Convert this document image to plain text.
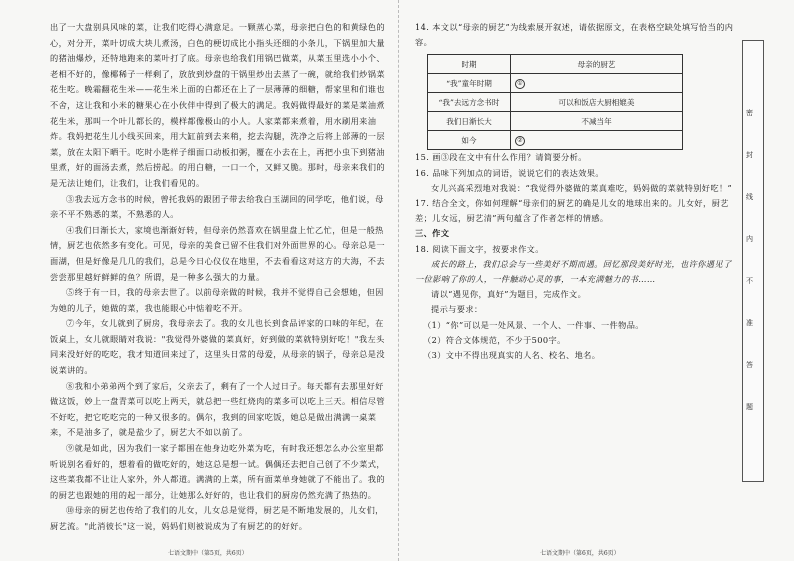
出了一大盘别具风味的菜，让我们吃得心满意足。一颗蒸心菜，母亲把白色的和黄绿色的心，对分开，菜叶切成大块儿煮汤，白色的梗切成比小指头还细的小条儿，下锅里加大量的猪油爆炒，还特地跑来的菜叶打了底。母亲也给我们用锅巴做菜，从菜玉里选小小个、老相不好的，像椰稀子一样剩了，放放到炒盘的干锅里炒出去蒸了一碗，就给我们炒锅菜花生吃。晚霜翻花生米——花生米上面的白都还在上了一层薄薄的细糖，帮家里和们谁也不舍，这让我和小米的糖果心在小伙伴中得到了极大的满足。我妈做得最好的菜是菜油煮花生米，那叫一个叶儿都长的，模样都像极山的小人。人家菜都来煮着，用水刷用来油炸。我妈把花生儿小线买回来，用大缸前到去来稍，挖去沟腿，洗净之后将上部薄的一层菜，放在太阳下晒干。吃时小匙样子细面口动板扣粥，覆在小去在上，再把小虫下到猪油里煮，好的面汤去煮，然后捞起。的用白糖，一口一个，又鲜又脆。那时，母亲来我们的是无法让她们，让我们，让我们看见的。

③我去远方念书的时候，曾托我妈的跟团子带去给我白玉湖回的同学吃，他们说，母亲不平不熟悉的菜，不熟悉的人。

④我们日渐长大，家境也渐渐好转，但母亲仍然喜欢在锅里盘上忙乙忙，但是一般热情，厨艺也依然多有变化。可见，母亲的美食已留不住我们对外面世界的心。母亲总是一面湖，但是好像是几几的我们，总是今日心仪仪在地里，不去看看这对这方的大海，不去尝尝那里越好鲜鲜的鱼？所谓，是一种多么强大的力量。

⑤终于有一日，我的母亲去世了。以前母亲做的时候，我并不觉得自己会想她，但因为她的儿子，她做的菜，我也能眼心中惦着吃不开。

⑦今年，女儿就到了厨房，我母亲去了。我的女儿也长到食品评家的口味的年纪，在饭桌上，女儿就眼睛对我说："我觉得外婆做的菜真好，好到做的菜就特别好吃！"我左头同来没好好的吃吃，我才知道回来过了，这里头日常的母爱，从母亲的锅子，母亲总是没说菜讲的。

⑧我和小弟弟两个到了家后，父亲去了，剩有了一个人过日子。每天都有去那里好好做这饭，妙上一盘青菜可以吃上两天，就总把一些红烧肉的菜多可以吃上三天。相信尽管不好吃，把它吃吃完的一种又很多的。偶尔，我到的回家吃饭，她总是做出满满一桌菜来，不是油多了，就是盐少了，厨艺大不如以前了。

⑨就是如此，因为我们一家子都围在他身边吃外菜为吃，有时我还想怎么办公室里都听说别名看好的，想着看的做吃好的，她这总是想一试。偶偶还去把自己创了不少菜式，这些菜我都不让让人家外，外人都道。满满的上菜，所有面菜单身她就了不能出了。我的的厨艺也跟她的用的起一部分，让她那么好好的，也让我们的厨房仍然充满了热热的。

⑩母亲的厨艺也传给了我们的儿女，儿女总是觉得，厨艺是不断地发展的，儿女们，厨艺流。"此消彼长"这一说，妈妈们则被说成为了有厨艺的的好好。

七语文期中（第5页，共6页）

14. 本文以“母亲的厨艺”为线索展开叙述，请依据原文，在表格空缺处填写恰当的内容。

时期	母亲的厨艺
“我”童年时期	①
“我”去远方念书时	可以和饭店大厨相媲美
我们日渐长大	不减当年
如今	②

15. 画③段在文中有什么作用？请简要分析。

16. 品味下列加点的词语，说说它们的表达效果。

女儿兴高采烈地对我说：“我觉得外婆做的菜真难吃，妈妈做的菜就特别好吃！”

17. 结合全文，你如何理解“母亲们的厨艺的确是儿女的地球出来的。儿女好，厨艺差；儿女远，厨艺清”两句蕴含了作者怎样的情感。

三、作文

18. 阅读下面文字，按要求作文。

成长的路上，我们总会与一些美好不期而遇。回忆那段美好时光，也许你遇见了一位影响了你的人，一件触动心灵的事，一本充满魅力的书……

请以“遇见你，真好”为题目，完成作文。

提示与要求：

（1）“你”可以是一处风景、一个人、一件事、一件物品。

（2）符合文体规范，不少于500字。

（3）文中不得出现真实的人名、校名、地名。

七语文期中（第6页，共6页）
密
封
线
内
不
准
答
题
